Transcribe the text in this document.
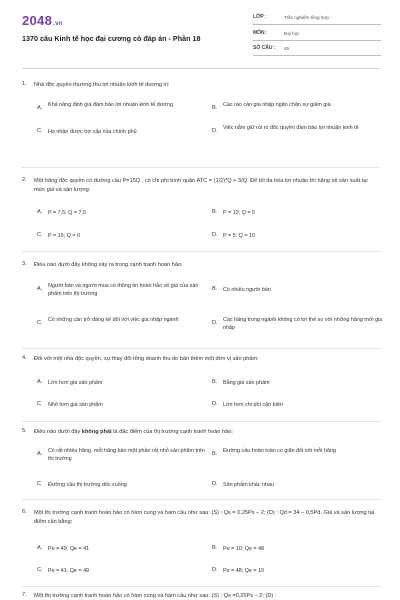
2048.vn
1370 câu Kinh tế học đại cương có đáp án - Phần 18
LỚP :	Trắc nghiệm tổng hợp
MÔN :	Đại học
SỐ CÂU : 45
1. Nhà độc quyền thường thu lợi nhuận kinh tế dương vì:
A. Khả năng định giá đảm bảo lợi nhuận kinh tế dương	B. Các rào cản gia nhập ngăn chặn sự giảm giá
C. Họ nhận được trợ cấp của chính phủ	D. Việc nắm giữ rủi ro độc quyền đảm bảo lợi nhuận kinh tế
2. Một hãng độc quyền có đường cầu P=15Q , có chi phí bình quân ATC = (1/2)*Q + 3/Q. Để tối đa hóa lợi nhuận thì hãng sẽ sản xuất tại mức giá và sản lượng:
A. P = 7,5; Q = 7,5	B. P = 10; Q = 5
C. P = 15; Q = 0	D. P = 5; Q = 10
3. Điều nào dưới đây không xảy ra trong cạnh tranh hoàn hảo:
A. Người bán và người mua có thông tin hoàn hảo về giá của sản phẩm trên thị trường
B. Có nhiều người bán
C. Có những cản trở đáng kể đối với việc gia nhập ngành	D. Các hãng trong ngành không có lợi thế so với những hãng mới gia nhập
4. Đối với một nhà độc quyền, sự thay đổi tổng doanh thu do bán thêm một đơn vị sản phẩm:
A. Lớn hơn giá sản phẩm	B. Bằng giá sản phẩm
C. Nhỏ hơn giá sản phẩm	D. Lớn hơn chi phí cận biên
5. Điều nào dưới đây không phải là đặc điểm của thị trường cạnh tranh hoàn hảo:
A. Có rất nhiều hãng, mỗi hãng bán một phần rất nhỏ sản phẩm trên thị trường
B. Đường cầu hoàn toàn co giãn đối với mỗi hãng
C. Đường cầu thị trường dốc xuống	D. Sản phẩm khác nhau
6. Một thị trường cạnh tranh hoàn hảo có hàm cung và hàm cầu như sau: (S) : Qs = 0,25Ps – 2; (D) : Qd = 34 – 0,5Pd. Giá và sản lượng tại điểm cân bằng:
A. Pe = 49; Qe = 41	B. Pe = 10; Qe = 48
C. Pe = 41; Qe = 49	D. Pe = 48; Qe = 10
7. Một thị trường cạnh tranh hoàn hảo có hàm cung và hàm cầu như sau: (S) : Qs =0,25Ps – 2; (D) :
